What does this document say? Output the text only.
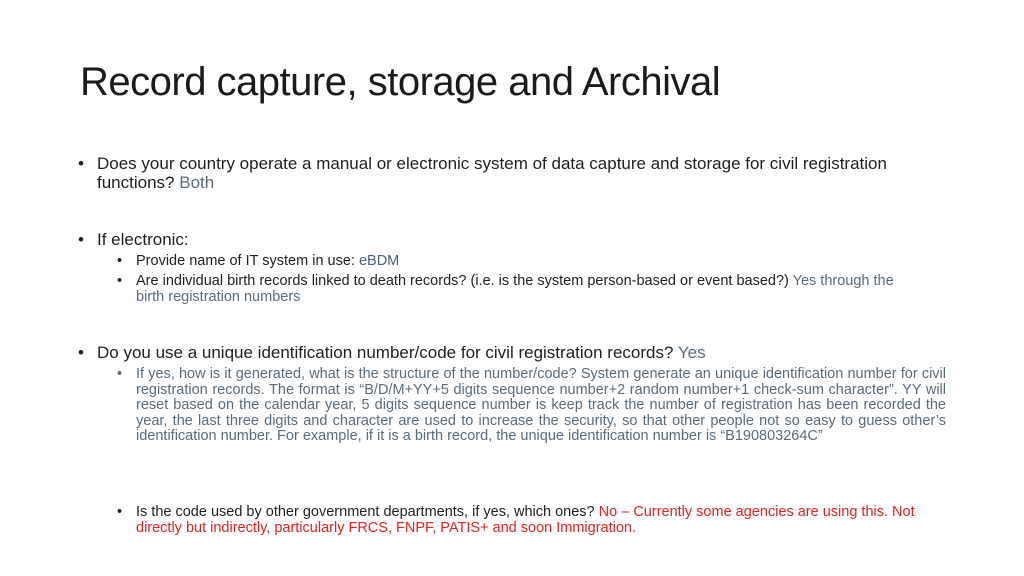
Record capture, storage and Archival
• Does your country operate a manual or electronic system of data capture and storage for civil registration functions? Both
• If electronic:
• Provide name of IT system in use: eBDM
• Are individual birth records linked to death records? (i.e. is the system person-based or event based?) Yes through the birth registration numbers
• Do you use a unique identification number/code for civil registration records? Yes
• If yes, how is it generated, what is the structure of the number/code? System generate an unique identification number for civil registration records. The format is “B/D/M+YY+5 digits sequence number+2 random number+1 check-sum character”. YY will reset based on the calendar year, 5 digits sequence number is keep track the number of registration has been recorded the year, the last three digits and character are used to increase the security, so that other people not so easy to guess other’s identification number. For example, if it is a birth record, the unique identification number is “B190803264C”
• Is the code used by other government departments, if yes, which ones? No – Currently some agencies are using this. Not directly but indirectly, particularly FRCS, FNPF, PATIS+ and soon Immigration.
